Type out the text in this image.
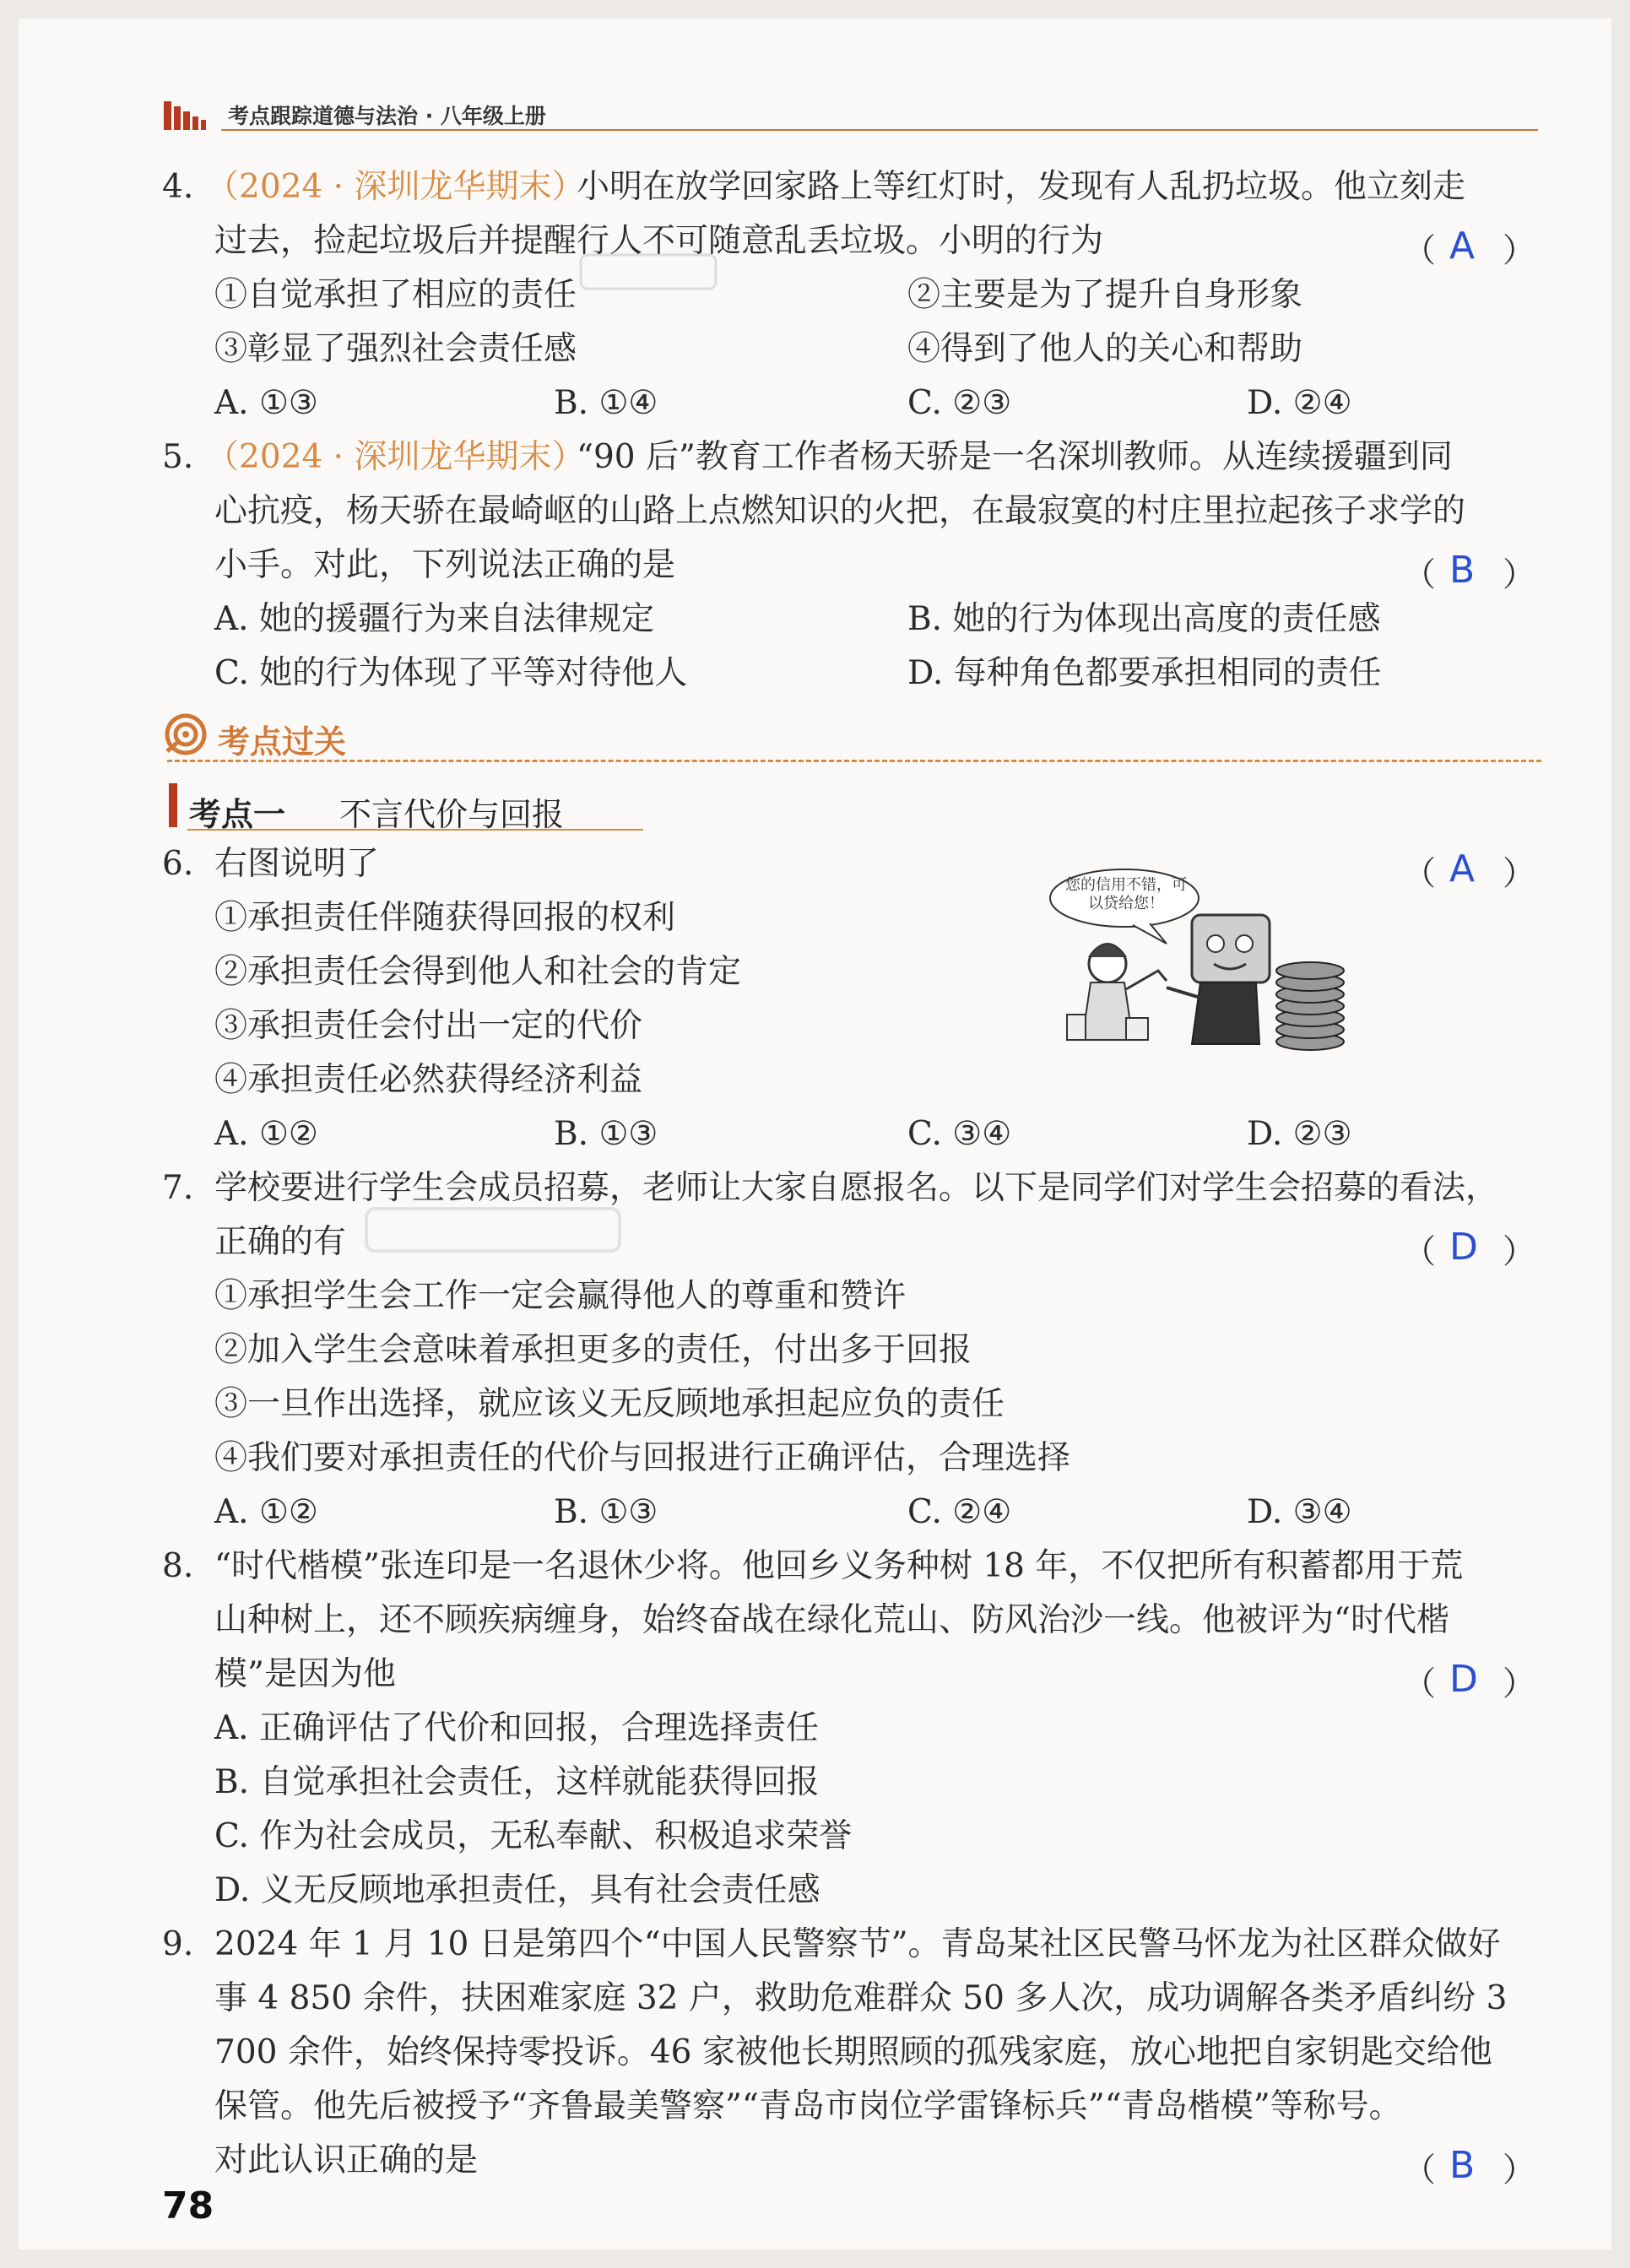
考点跟踪道德与法治 · 八年级上册
4. （2024 · 深圳龙华期末）
小明在放学回家路上等红灯时，发现有人乱扔垃圾。他立刻走
过去，捡起垃圾后并提醒行人不可随意乱丢垃圾。小明的行为	（ A ）
①自觉承担了相应的责任	②主要是为了提升自身形象
③彰显了强烈社会责任感	④得到了他人的关心和帮助
A. ①③	B. ①④	C. ②③	D. ②④
5. （2024 · 深圳龙华期末）
“90 后”教育工作者杨天骄是一名深圳教师。从连续援疆到同
心抗疫，杨天骄在最崎岖的山路上点燃知识的火把，在最寂寞的村庄里拉起孩子求学的
小手。对此，下列说法正确的是	（ B ）
A. 她的援疆行为来自法律规定	B. 她的行为体现出高度的责任感
C. 她的行为体现了平等对待他人	D. 每种角色都要承担相同的责任
考点过关
考点一 不言代价与回报
6. 右图说明了	（ A ）
①承担责任伴随获得回报的权利
②承担责任会得到他人和社会的肯定
③承担责任会付出一定的代价
④承担责任必然获得经济利益
A. ①②	B. ①③	C. ③④	D. ②③
您的信用不错，可以贷给您！
7. 学校要进行学生会成员招募，老师让大家自愿报名。以下是同学们对学生会招募的看法，
正确的有	（ D ）
①承担学生会工作一定会赢得他人的尊重和赞许
②加入学生会意味着承担更多的责任，付出多于回报
③一旦作出选择，就应该义无反顾地承担起应负的责任
④我们要对承担责任的代价与回报进行正确评估，合理选择
A. ①②	B. ①③	C. ②④	D. ③④
8. “时代楷模”张连印是一名退休少将。他回乡义务种树 18 年，不仅把所有积蓄都用于荒
山种树上，还不顾疾病缠身，始终奋战在绿化荒山、防风治沙一线。他被评为“时代楷
模”是因为他	（ D ）
A. 正确评估了代价和回报，合理选择责任
B. 自觉承担社会责任，这样就能获得回报
C. 作为社会成员，无私奉献、积极追求荣誉
D. 义无反顾地承担责任，具有社会责任感
9. 2024 年 1 月 10 日是第四个“中国人民警察节”。青岛某社区民警马怀龙为社区群众做好
事 4 850 余件，扶困难家庭 32 户，救助危难群众 50 多人次，成功调解各类矛盾纠纷 3
700 余件，始终保持零投诉。46 家被他长期照顾的孤残家庭，放心地把自家钥匙交给他
保管。他先后被授予“齐鲁最美警察”“青岛市岗位学雷锋标兵”“青岛楷模”等称号。
对此认识正确的是	（ B ）
78
